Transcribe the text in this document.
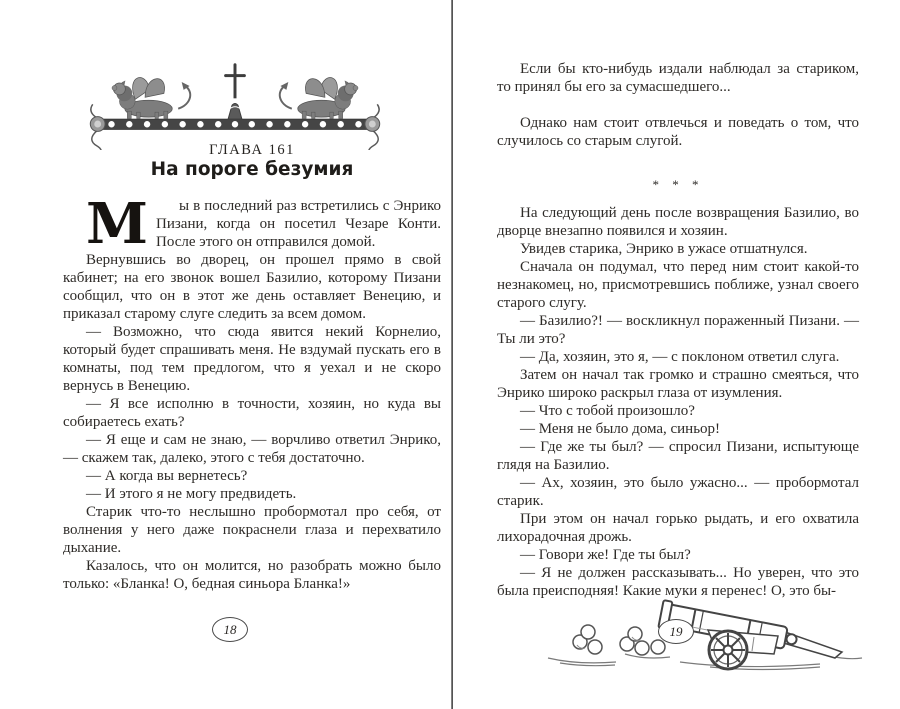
ГЛАВА 161
На пороге безумия

М	ы в последний раз встретились с Энрико Пизани, когда он посетил Чезаре Конти. После этого он отправился домой.

Вернувшись во дворец, он прошел прямо в свой кабинет; на его звонок вошел Базилио, которому Пизани сообщил, что он в этот же день оставляет Венецию, и приказал старому слуге следить за всем домом.

— Возможно, что сюда явится некий Корнелио, который будет спрашивать меня. Не вздумай пускать его в комнаты, под тем предлогом, что я уехал и не скоро вернусь в Венецию.

— Я все исполню в точности, хозяин, но куда вы собираетесь ехать?

— Я еще и сам не знаю, — ворчливо ответил Энрико, — скажем так, далеко, этого с тебя достаточно.

— А когда вы вернетесь?

— И этого я не могу предвидеть.

Старик что-то неслышно пробормотал про себя, от волнения у него даже покраснели глаза и перехватило дыхание.

Казалось, что он молится, но разобрать можно было только: «Бланка! О, бедная синьора Бланка!»

18

Если бы кто-нибудь издали наблюдал за стариком, то принял бы его за сумасшедшего...

Однако нам стоит отвлечься и поведать о том, что случилось со старым слугой.

* * *

На следующий день после возвращения Базилио, во дворце внезапно появился и хозяин.

Увидев старика, Энрико в ужасе отшатнулся.

Сначала он подумал, что перед ним стоит какой-то незнакомец, но, присмотревшись поближе, узнал своего старого слугу.

— Базилио?! — воскликнул пораженный Пизани. — Ты ли это?

— Да, хозяин, это я, — с поклоном ответил слуга.

Затем он начал так громко и страшно смеяться, что Энрико широко раскрыл глаза от изумления.

— Что с тобой произошло?

— Меня не было дома, синьор!

— Где же ты был? — спросил Пизани, испытующе глядя на Базилио.

— Ах, хозяин, это было ужасно... — пробормотал старик.

При этом он начал горько рыдать, и его охватила лихорадочная дрожь.

— Говори же! Где ты был?

— Я не должен рассказывать... Но уверен, что это была преисподняя! Какие муки я перенес! О, это бы-

19
